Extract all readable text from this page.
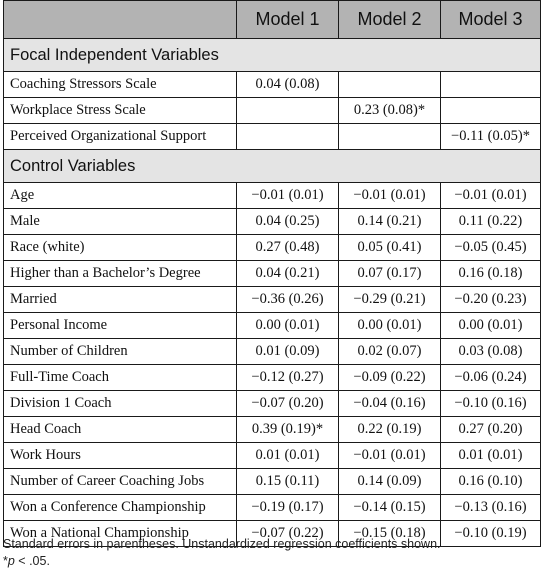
	Model 1	Model 2	Model 3
Focal Independent Variables			
Coaching Stressors Scale	0.04 (0.08)		
Workplace Stress Scale		0.23 (0.08)*	
Perceived Organizational Support			−0.11 (0.05)*
Control Variables			
Age	−0.01 (0.01)	−0.01 (0.01)	−0.01 (0.01)
Male	0.04 (0.25)	0.14 (0.21)	0.11 (0.22)
Race (white)	0.27 (0.48)	0.05 (0.41)	−0.05 (0.45)
Higher than a Bachelor’s Degree	0.04 (0.21)	0.07 (0.17)	0.16 (0.18)
Married	−0.36 (0.26)	−0.29 (0.21)	−0.20 (0.23)
Personal Income	0.00 (0.01)	0.00 (0.01)	0.00 (0.01)
Number of Children	0.01 (0.09)	0.02 (0.07)	0.03 (0.08)
Full-Time Coach	−0.12 (0.27)	−0.09 (0.22)	−0.06 (0.24)
Division 1 Coach	−0.07 (0.20)	−0.04 (0.16)	−0.10 (0.16)
Head Coach	0.39 (0.19)*	0.22 (0.19)	0.27 (0.20)
Work Hours	0.01 (0.01)	−0.01 (0.01)	0.01 (0.01)
Number of Career Coaching Jobs	0.15 (0.11)	0.14 (0.09)	0.16 (0.10)
Won a Conference Championship	−0.19 (0.17)	−0.14 (0.15)	−0.13 (0.16)
Won a National Championship	−0.07 (0.22)	−0.15 (0.18)	−0.10 (0.19)
Standard errors in parentheses. Unstandardized regression coefficients shown.
*p < .05.
